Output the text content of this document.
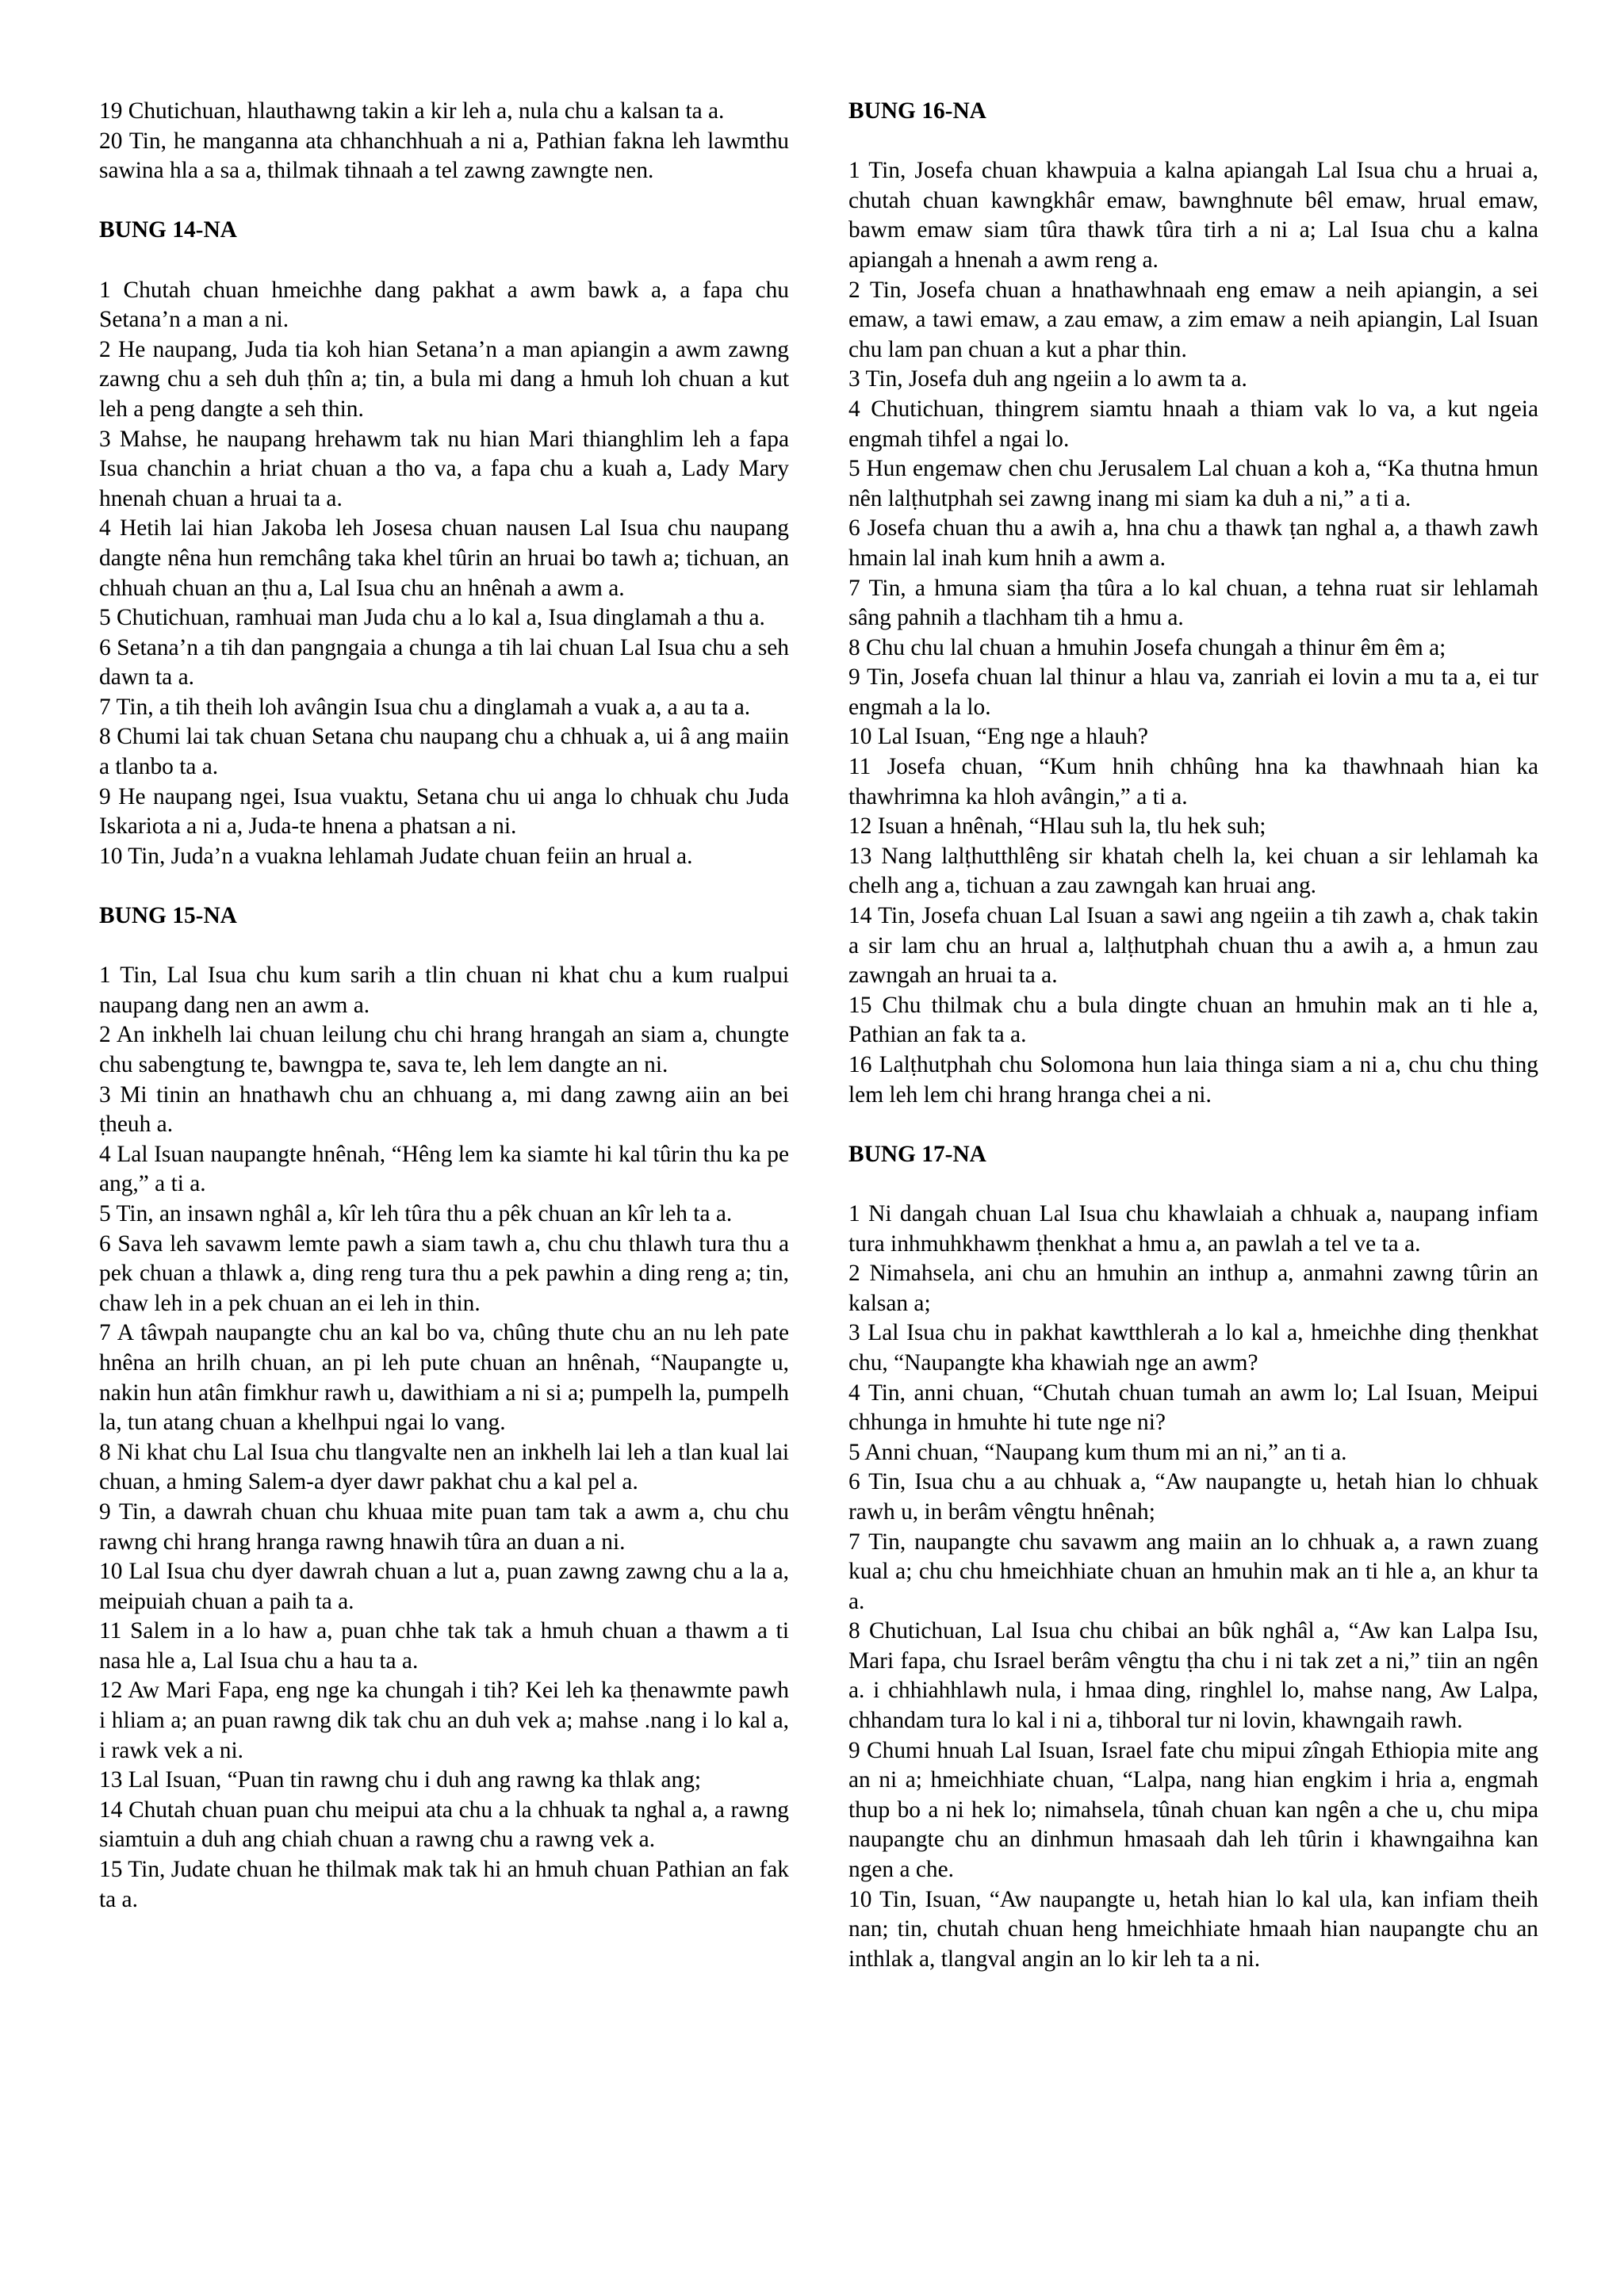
19 Chutichuan, hlauthawng takin a kir leh a, nula chu a kalsan ta a.

20 Tin, he manganna ata chhanchhuah a ni a, Pathian fakna leh lawmthu sawina hla a sa a, thilmak tihnaah a tel zawng zawngte nen.

BUNG 14-NA

1 Chutah chuan hmeichhe dang pakhat a awm bawk a, a fapa chu Setana’n a man a ni.

2 He naupang, Juda tia koh hian Setana’n a man apiangin a awm zawng zawng chu a seh duh ṭhîn a; tin, a bula mi dang a hmuh loh chuan a kut leh a peng dangte a seh thin.

3 Mahse, he naupang hrehawm tak nu hian Mari thianghlim leh a fapa Isua chanchin a hriat chuan a tho va, a fapa chu a kuah a, Lady Mary hnenah chuan a hruai ta a.

4 Hetih lai hian Jakoba leh Josesa chuan nausen Lal Isua chu naupang dangte nêna hun remchâng taka khel tûrin an hruai bo tawh a; tichuan, an chhuah chuan an ṭhu a, Lal Isua chu an hnênah a awm a.

5 Chutichuan, ramhuai man Juda chu a lo kal a, Isua dinglamah a thu a.

6 Setana’n a tih dan pangngaia a chunga a tih lai chuan Lal Isua chu a seh dawn ta a.

7 Tin, a tih theih loh avângin Isua chu a dinglamah a vuak a, a au ta a.

8 Chumi lai tak chuan Setana chu naupang chu a chhuak a, ui â ang maiin a tlanbo ta a.

9 He naupang ngei, Isua vuaktu, Setana chu ui anga lo chhuak chu Juda Iskariota a ni a, Juda-te hnena a phatsan a ni.

10 Tin, Juda’n a vuakna lehlamah Judate chuan feiin an hrual a.

BUNG 15-NA

1 Tin, Lal Isua chu kum sarih a tlin chuan ni khat chu a kum rualpui naupang dang nen an awm a.

2 An inkhelh lai chuan leilung chu chi hrang hrangah an siam a, chungte chu sabengtung te, bawngpa te, sava te, leh lem dangte an ni.

3 Mi tinin an hnathawh chu an chhuang a, mi dang zawng aiin an bei ṭheuh a.

4 Lal Isuan naupangte hnênah, “Hêng lem ka siamte hi kal tûrin thu ka pe ang,” a ti a.

5 Tin, an insawn nghâl a, kîr leh tûra thu a pêk chuan an kîr leh ta a.

6 Sava leh savawm lemte pawh a siam tawh a, chu chu thlawh tura thu a pek chuan a thlawk a, ding reng tura thu a pek pawhin a ding reng a; tin, chaw leh in a pek chuan an ei leh in thin.

7 A tâwpah naupangte chu an kal bo va, chûng thute chu an nu leh pate hnêna an hrilh chuan, an pi leh pute chuan an hnênah, “Naupangte u, nakin hun atân fimkhur rawh u, dawithiam a ni si a; pumpelh la, pumpelh la, tun atang chuan a khelhpui ngai lo vang.

8 Ni khat chu Lal Isua chu tlangvalte nen an inkhelh lai leh a tlan kual lai chuan, a hming Salem-a dyer dawr pakhat chu a kal pel a.

9 Tin, a dawrah chuan chu khuaa mite puan tam tak a awm a, chu chu rawng chi hrang hranga rawng hnawih tûra an duan a ni.

10 Lal Isua chu dyer dawrah chuan a lut a, puan zawng zawng chu a la a, meipuiah chuan a paih ta a.

11 Salem in a lo haw a, puan chhe tak tak a hmuh chuan a thawm a ti nasa hle a, Lal Isua chu a hau ta a.

12 Aw Mari Fapa, eng nge ka chungah i tih? Kei leh ka ṭhenawmte pawh i hliam a; an puan rawng dik tak chu an duh vek a; mahse .nang i lo kal a, i rawk vek a ni.

13 Lal Isuan, “Puan tin rawng chu i duh ang rawng ka thlak ang;

14 Chutah chuan puan chu meipui ata chu a la chhuak ta nghal a, a rawng siamtuin a duh ang chiah chuan a rawng chu a rawng vek a.

15 Tin, Judate chuan he thilmak mak tak hi an hmuh chuan Pathian an fak ta a.

BUNG 16-NA

1 Tin, Josefa chuan khawpuia a kalna apiangah Lal Isua chu a hruai a, chutah chuan kawngkhâr emaw, bawnghnute bêl emaw, hrual emaw, bawm emaw siam tûra thawk tûra tirh a ni a; Lal Isua chu a kalna apiangah a hnenah a awm reng a.

2 Tin, Josefa chuan a hnathawhnaah eng emaw a neih apiangin, a sei emaw, a tawi emaw, a zau emaw, a zim emaw a neih apiangin, Lal Isuan chu lam pan chuan a kut a phar thin.

3 Tin, Josefa duh ang ngeiin a lo awm ta a.

4 Chutichuan, thingrem siamtu hnaah a thiam vak lo va, a kut ngeia engmah tihfel a ngai lo.

5 Hun engemaw chen chu Jerusalem Lal chuan a koh a, “Ka thutna hmun nên lalṭhutphah sei zawng inang mi siam ka duh a ni,” a ti a.

6 Josefa chuan thu a awih a, hna chu a thawk ṭan nghal a, a thawh zawh hmain lal inah kum hnih a awm a.

7 Tin, a hmuna siam ṭha tûra a lo kal chuan, a tehna ruat sir lehlamah sâng pahnih a tlachham tih a hmu a.

8 Chu chu lal chuan a hmuhin Josefa chungah a thinur êm êm a;

9 Tin, Josefa chuan lal thinur a hlau va, zanriah ei lovin a mu ta a, ei tur engmah a la lo.

10 Lal Isuan, “Eng nge a hlauh?

11 Josefa chuan, “Kum hnih chhûng hna ka thawhnaah hian ka thawhrimna ka hloh avângin,” a ti a.

12 Isuan a hnênah, “Hlau suh la, tlu hek suh;

13 Nang lalṭhutthlêng sir khatah chelh la, kei chuan a sir lehlamah ka chelh ang a, tichuan a zau zawngah kan hruai ang.

14 Tin, Josefa chuan Lal Isuan a sawi ang ngeiin a tih zawh a, chak takin a sir lam chu an hrual a, lalṭhutphah chuan thu a awih a, a hmun zau zawngah an hruai ta a.

15 Chu thilmak chu a bula dingte chuan an hmuhin mak an ti hle a, Pathian an fak ta a.

16 Lalṭhutphah chu Solomona hun laia thinga siam a ni a, chu chu thing lem leh lem chi hrang hranga chei a ni.

BUNG 17-NA

1 Ni dangah chuan Lal Isua chu khawlaiah a chhuak a, naupang infiam tura inhmuhkhawm ṭhenkhat a hmu a, an pawlah a tel ve ta a.

2 Nimahsela, ani chu an hmuhin an inthup a, anmahni zawng tûrin an kalsan a;

3 Lal Isua chu in pakhat kawtthlerah a lo kal a, hmeichhe ding ṭhenkhat chu, “Naupangte kha khawiah nge an awm?

4 Tin, anni chuan, “Chutah chuan tumah an awm lo; Lal Isuan, Meipui chhunga in hmuhte hi tute nge ni?

5 Anni chuan, “Naupang kum thum mi an ni,” an ti a.

6 Tin, Isua chu a au chhuak a, “Aw naupangte u, hetah hian lo chhuak rawh u, in berâm vêngtu hnênah;

7 Tin, naupangte chu savawm ang maiin an lo chhuak a, a rawn zuang kual a; chu chu hmeichhiate chuan an hmuhin mak an ti hle a, an khur ta a.

8 Chutichuan, Lal Isua chu chibai an bûk nghâl a, “Aw kan Lalpa Isu, Mari fapa, chu Israel berâm vêngtu ṭha chu i ni tak zet a ni,” tiin an ngên a. i chhiahhlawh nula, i hmaa ding, ringhlel lo, mahse nang, Aw Lalpa, chhandam tura lo kal i ni a, tihboral tur ni lovin, khawngaih rawh.

9 Chumi hnuah Lal Isuan, Israel fate chu mipui zîngah Ethiopia mite ang an ni a; hmeichhiate chuan, “Lalpa, nang hian engkim i hria a, engmah thup bo a ni hek lo; nimahsela, tûnah chuan kan ngên a che u, chu mipa naupangte chu an dinhmun hmasaah dah leh tûrin i khawngaihna kan ngen a che.

10 Tin, Isuan, “Aw naupangte u, hetah hian lo kal ula, kan infiam theih nan; tin, chutah chuan heng hmeichhiate hmaah hian naupangte chu an inthlak a, tlangval angin an lo kir leh ta a ni.
